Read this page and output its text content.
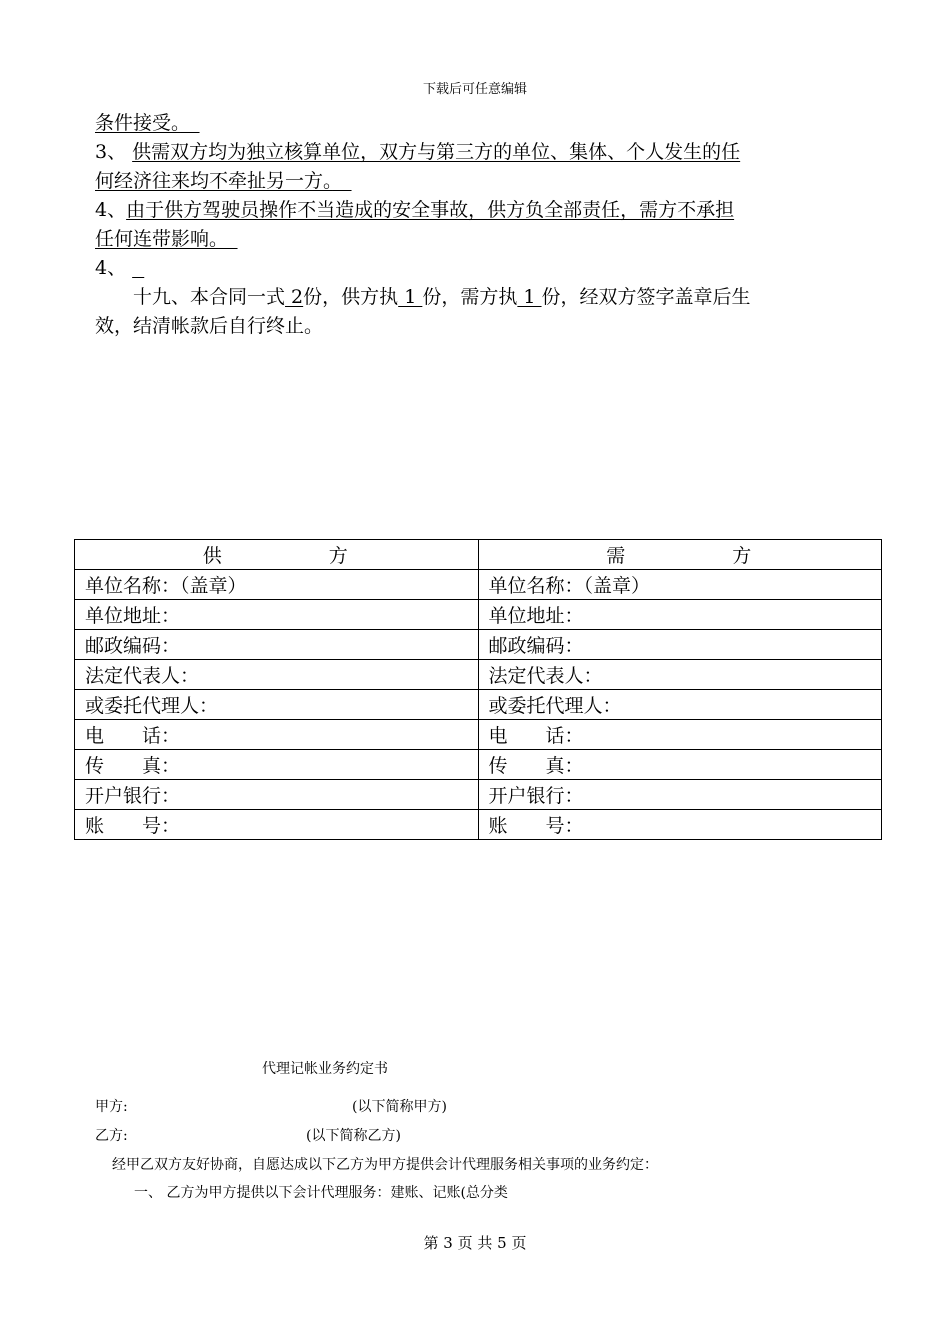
下载后可任意编辑

条件接受。　

3、 供需双方均为独立核算单位，双方与第三方的单位、集体、个人发生的任

何经济往来均不牵扯另一方。　

4、由于供方驾驶员操作不当造成的安全事故，供方负全部责任，需方不承担

任何连带影响。　

4、

十九、本合同一式 2份，供方执 1 份，需方执 1 份，经双方签字盖章后生

效，结清帐款后自行终止。

供　　　　　方	需　　　　　方
单位名称：（盖章）	单位名称：（盖章）
单位地址：	单位地址：
邮政编码：	邮政编码：
法定代表人：	法定代表人：
或委托代理人：	或委托代理人：
电　　话：	电　　话：
传　　真：	传　　真：
开户银行：	开户银行：
账　　号：	账　　号：
代理记帐业务约定书
甲方:	(以下简称甲方)
乙方:	(以下简称乙方)
经甲乙双方友好协商，自愿达成以下乙方为甲方提供会计代理服务相关事项的业务约定：
一、 乙方为甲方提供以下会计代理服务：建账、记账(总分类
第 3 页 共 5 页
